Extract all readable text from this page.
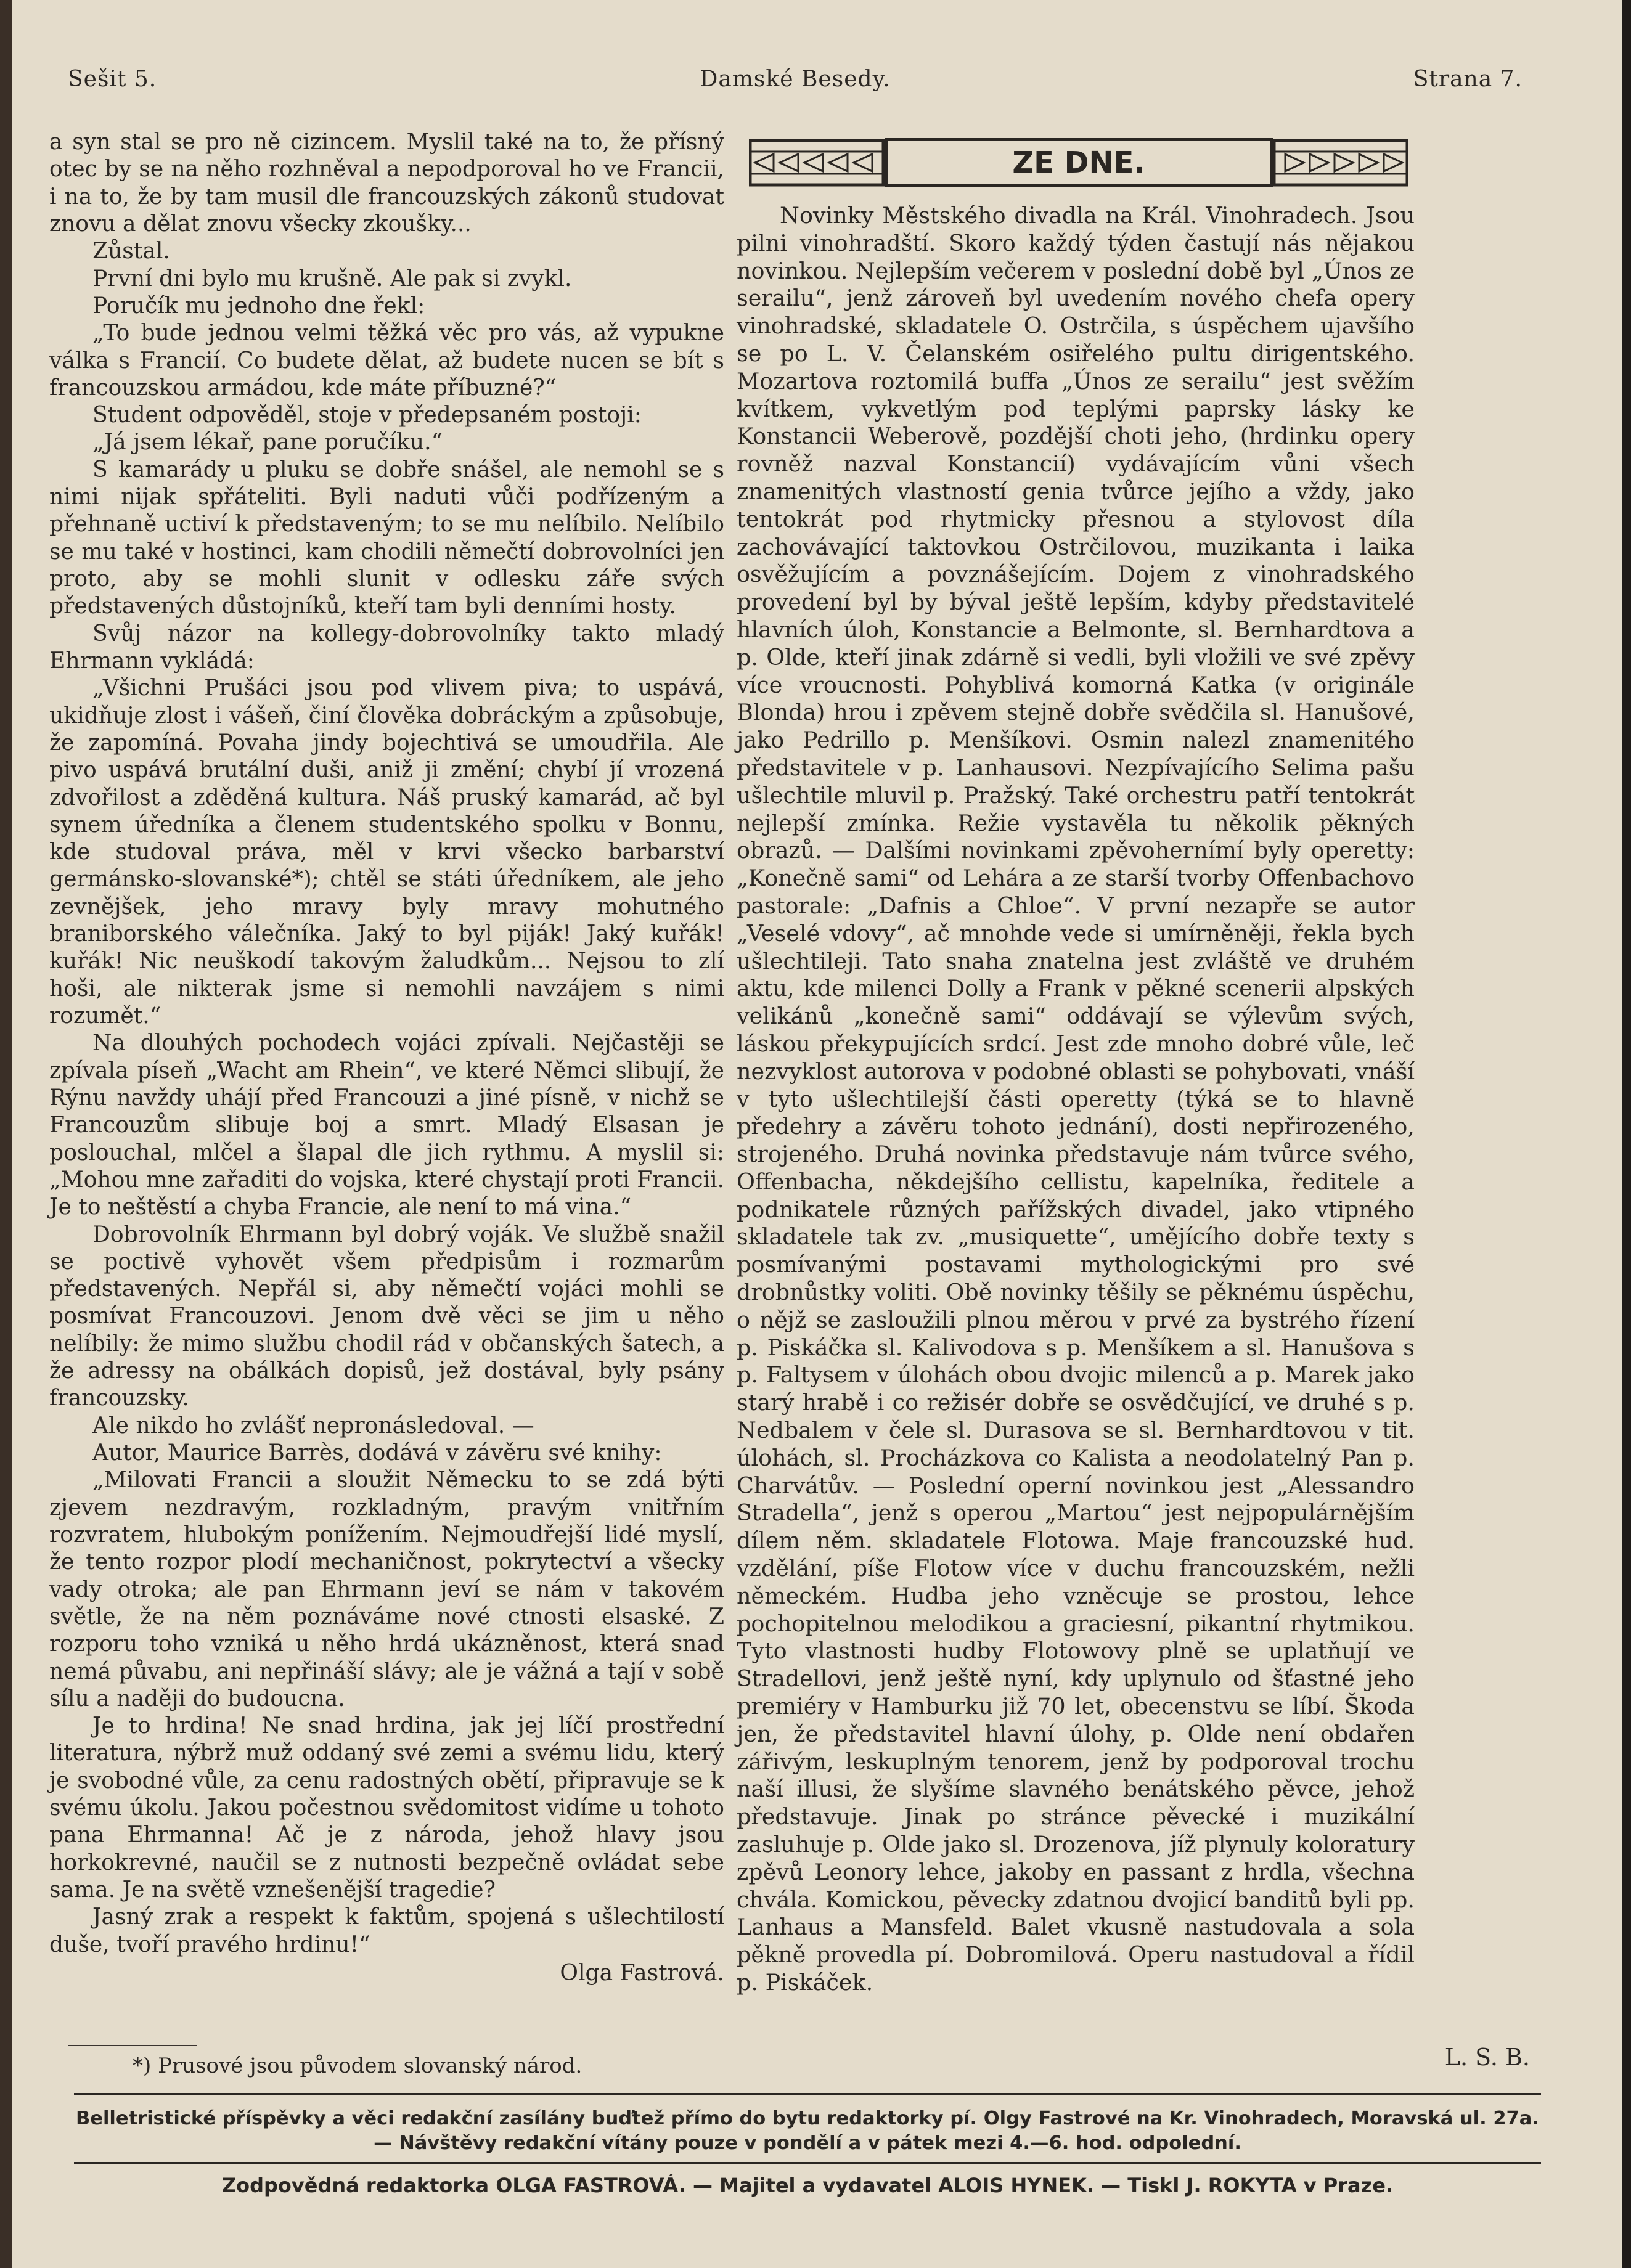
Sešit 5.	Damské Besedy.	Strana 7.

a syn stal se pro ně cizincem. Myslil také na to, že přísný otec by se na něho rozhněval a nepodporoval ho ve Francii, i na to, že by tam musil dle francouzských zákonů studovat znovu a dělat znovu všecky zkoušky...

Zůstal.

První dni bylo mu krušně. Ale pak si zvykl.

Poručík mu jednoho dne řekl:

„To bude jednou velmi těžká věc pro vás, až vypukne válka s Francií. Co budete dělat, až budete nucen se bít s francouzskou armádou, kde máte příbuzné?“

Student odpověděl, stoje v předepsaném postoji:

„Já jsem lékař, pane poručíku.“

S kamarády u pluku se dobře snášel, ale nemohl se s nimi nijak spřáteliti. Byli naduti vůči podřízeným a přehnaně uctiví k představeným; to se mu nelíbilo. Nelíbilo se mu také v hostinci, kam chodili němečtí dobrovolníci jen proto, aby se mohli slunit v odlesku záře svých představených důstojníků, kteří tam byli denními hosty.

Svůj názor na kollegy-dobrovolníky takto mladý Ehrmann vykládá:

„Všichni Prušáci jsou pod vlivem piva; to uspává, ukidňuje zlost i vášeň, činí člověka dobráckým a způsobuje, že zapomíná. Povaha jindy bojechtivá se umoudřila. Ale pivo uspává brutální duši, aniž ji změní; chybí jí vrozená zdvořilost a zděděná kultura. Náš pruský kamarád, ač byl synem úředníka a členem studentského spolku v Bonnu, kde studoval práva, měl v krvi všecko barbarství germánsko-slovanské*); chtěl se státi úředníkem, ale jeho zevnějšek, jeho mravy byly mravy mohutného braniborského válečníka. Jaký to byl piják! Jaký kuřák! kuřák! Nic neuškodí takovým žaludkům... Nejsou to zlí hoši, ale nikterak jsme si nemohli navzájem s nimi rozumět.“

Na dlouhých pochodech vojáci zpívali. Nejčastěji se zpívala píseň „Wacht am Rhein“, ve které Němci slibují, že Rýnu navždy uhájí před Francouzi a jiné písně, v nichž se Francouzům slibuje boj a smrt. Mladý Elsasan je poslouchal, mlčel a šlapal dle jich rythmu. A myslil si: „Mohou mne zařaditi do vojska, které chystají proti Francii. Je to neštěstí a chyba Francie, ale není to má vina.“

Dobrovolník Ehrmann byl dobrý voják. Ve službě snažil se poctivě vyhovět všem předpisům i rozmarům představených. Nepřál si, aby němečtí vojáci mohli se posmívat Francouzovi. Jenom dvě věci se jim u něho nelíbily: že mimo službu chodil rád v občanských šatech, a že adressy na obálkách dopisů, jež dostával, byly psány francouzsky.

Ale nikdo ho zvlášť nepronásledoval. —

Autor, Maurice Barrès, dodává v závěru své knihy:

„Milovati Francii a sloužit Německu to se zdá býti zjevem nezdravým, rozkladným, pravým vnitřním rozvratem, hlubokým ponížením. Nejmoudřejší lidé myslí, že tento rozpor plodí mechaničnost, pokrytectví a všecky vady otroka; ale pan Ehrmann jeví se nám v takovém světle, že na něm poznáváme nové ctnosti elsaské. Z rozporu toho vzniká u něho hrdá ukázněnost, která snad nemá půvabu, ani nepřináší slávy; ale je vážná a tají v sobě sílu a naději do budoucna.

Je to hrdina! Ne snad hrdina, jak jej líčí prostřední literatura, nýbrž muž oddaný své zemi a svému lidu, který je svobodné vůle, za cenu radostných obětí, připravuje se k svému úkolu. Jakou počestnou svědomitost vidíme u tohoto pana Ehrmanna! Ač je z národa, jehož hlavy jsou horkokrevné, naučil se z nutnosti bezpečně ovládat sebe sama. Je na světě vznešenější tragedie?

Jasný zrak a respekt k faktům, spojená s ušlechtilostí duše, tvoří pravého hrdinu!“

Olga Fastrová.
*) Prusové jsou původem slovanský národ.
ZE DNE.

Novinky Městského divadla na Král. Vinohradech. Jsou pilni vinohradští. Skoro každý týden častují nás nějakou novinkou. Nejlepším večerem v poslední době byl „Únos ze serailu“, jenž zároveň byl uvedením nového chefa opery vinohradské, skladatele O. Ostrčila, s úspěchem ujavšího se po L. V. Čelanském osiřelého pultu dirigentského. Mozartova roztomilá buffa „Únos ze serailu“ jest svěžím kvítkem, vykvetlým pod teplými paprsky lásky ke Konstancii Weberově, pozdější choti jeho, (hrdinku opery rovněž nazval Konstancií) vydávajícím vůni všech znamenitých vlastností genia tvůrce jejího a vždy, jako tentokrát pod rhytmicky přesnou a stylovost díla zachovávající taktovkou Ostrčilovou, muzikanta i laika osvěžujícím a povznášejícím. Dojem z vinohradského provedení byl by býval ještě lepším, kdyby představitelé hlavních úloh, Konstancie a Belmonte, sl. Bernhardtova a p. Olde, kteří jinak zdárně si vedli, byli vložili ve své zpěvy více vroucnosti. Pohyblivá komorná Katka (v originále Blonda) hrou i zpěvem stejně dobře svědčila sl. Hanušové, jako Pedrillo p. Menšíkovi. Osmin nalezl znamenitého představitele v p. Lanhausovi. Nezpívajícího Selima pašu ušlechtile mluvil p. Pražský. Také orchestru patří tentokrát nejlepší zmínka. Režie vystavěla tu několik pěkných obrazů. — Dalšími novinkami zpěvohernímí byly operetty: „Konečně sami“ od Lehára a ze starší tvorby Offenbachovo pastorale: „Dafnis a Chloe“. V první nezapře se autor „Veselé vdovy“, ač mnohde vede si umírněněji, řekla bych ušlechtileji. Tato snaha znatelna jest zvláště ve druhém aktu, kde milenci Dolly a Frank v pěkné scenerii alpských velikánů „konečně sami“ oddávají se výlevům svých, láskou překypujících srdcí. Jest zde mnoho dobré vůle, leč nezvyklost autorova v podobné oblasti se pohybovati, vnáší v tyto ušlechtilejší části operetty (týká se to hlavně předehry a závěru tohoto jednání), dosti nepřirozeného, strojeného. Druhá novinka představuje nám tvůrce svého, Offenbacha, někdejšího cellistu, kapelníka, ředitele a podnikatele různých pařížských divadel, jako vtipného skladatele tak zv. „musiquette“, umějícího dobře texty s posmívanými postavami mythologickými pro své drobnůstky voliti. Obě novinky těšily se pěknému úspěchu, o nějž se zasloužili plnou měrou v prvé za bystrého řízení p. Piskáčka sl. Kalivodova s p. Menšíkem a sl. Hanušova s p. Faltysem v úlohách obou dvojic milenců a p. Marek jako starý hrabě i co režisér dobře se osvědčující, ve druhé s p. Nedbalem v čele sl. Durasova se sl. Bernhardtovou v tit. úlohách, sl. Procházkova co Kalista a neodolatelný Pan p. Charvátův. — Poslední operní novinkou jest „Alessandro Stradella“, jenž s operou „Martou“ jest nejpopulárnějším dílem něm. skladatele Flotowa. Maje francouzské hud. vzdělání, píše Flotow více v duchu francouzském, nežli německém. Hudba jeho vzněcuje se prostou, lehce pochopitelnou melodikou a graciesní, pikantní rhytmikou. Tyto vlastnosti hudby Flotowovy plně se uplatňují ve Stradellovi, jenž ještě nyní, kdy uplynulo od šťastné jeho premiéry v Hamburku již 70 let, obecenstvu se líbí. Škoda jen, že představitel hlavní úlohy, p. Olde není obdařen zářivým, leskuplným tenorem, jenž by podporoval trochu naší illusi, že slyšíme slavného benátského pěvce, jehož představuje. Jinak po stránce pěvecké i muzikální zasluhuje p. Olde jako sl. Drozenova, jíž plynuly koloratury zpěvů Leonory lehce, jakoby en passant z hrdla, všechna chvála. Komickou, pěvecky zdatnou dvojicí banditů byli pp. Lanhaus a Mansfeld. Balet vkusně nastudovala a sola pěkně provedla pí. Dobromilová. Operu nastudoval a řídil p. Piskáček.

L. S. B.
Belletristické příspěvky a věci redakční zasílány buďtež přímo do bytu redaktorky pí. Olgy Fastrové na Kr. Vinohradech, Moravská ul. 27a. — Návštěvy redakční vítány pouze v pondělí a v pátek mezi 4.—6. hod. odpolední.
Zodpovědná redaktorka OLGA FASTROVÁ. — Majitel a vydavatel ALOIS HYNEK. — Tiskl J. ROKYTA v Praze.
